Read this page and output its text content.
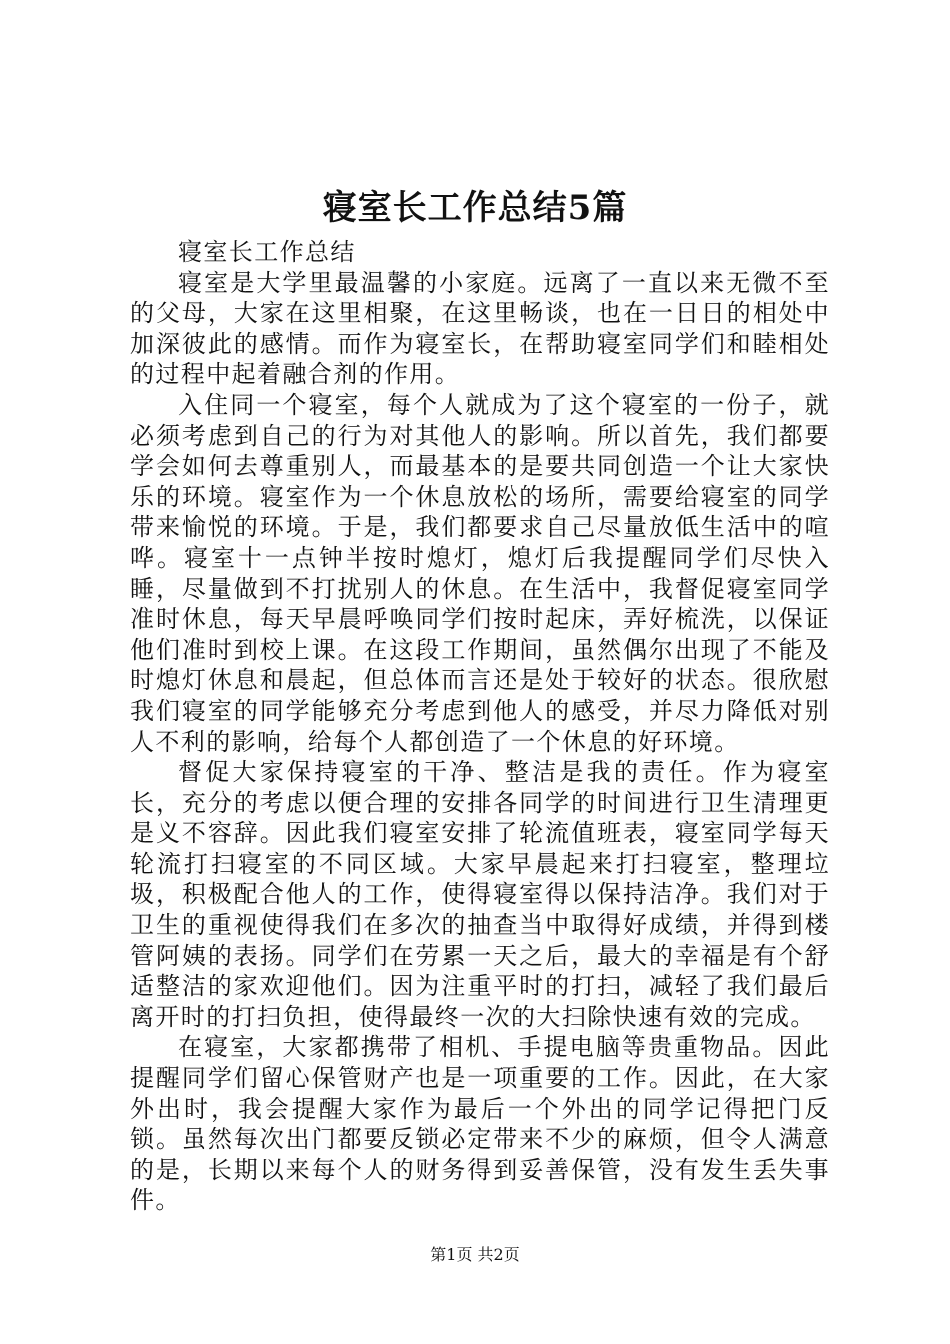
寝室长工作总结5篇

寝室长工作总结

寝室是大学里最温馨的小家庭。远离了一直以来无微不至的父母，大家在这里相聚，在这里畅谈，也在一日日的相处中加深彼此的感情。而作为寝室长，在帮助寝室同学们和睦相处的过程中起着融合剂的作用。

入住同一个寝室，每个人就成为了这个寝室的一份子，就必须考虑到自己的行为对其他人的影响。所以首先，我们都要学会如何去尊重别人，而最基本的是要共同创造一个让大家快乐的环境。寝室作为一个休息放松的场所，需要给寝室的同学带来愉悦的环境。于是，我们都要求自己尽量放低生活中的喧哗。寝室十一点钟半按时熄灯，熄灯后我提醒同学们尽快入睡，尽量做到不打扰别人的休息。在生活中，我督促寝室同学准时休息，每天早晨呼唤同学们按时起床，弄好梳洗，以保证他们准时到校上课。在这段工作期间，虽然偶尔出现了不能及时熄灯休息和晨起，但总体而言还是处于较好的状态。很欣慰我们寝室的同学能够充分考虑到他人的感受，并尽力降低对别人不利的影响，给每个人都创造了一个休息的好环境。

督促大家保持寝室的干净、整洁是我的责任。作为寝室长，充分的考虑以便合理的安排各同学的时间进行卫生清理更是义不容辞。因此我们寝室安排了轮流值班表，寝室同学每天轮流打扫寝室的不同区域。大家早晨起来打扫寝室，整理垃圾，积极配合他人的工作，使得寝室得以保持洁净。我们对于卫生的重视使得我们在多次的抽查当中取得好成绩，并得到楼管阿姨的表扬。同学们在劳累一天之后，最大的幸福是有个舒适整洁的家欢迎他们。因为注重平时的打扫，减轻了我们最后离开时的打扫负担，使得最终一次的大扫除快速有效的完成。

在寝室，大家都携带了相机、手提电脑等贵重物品。因此提醒同学们留心保管财产也是一项重要的工作。因此，在大家外出时，我会提醒大家作为最后一个外出的同学记得把门反锁。虽然每次出门都要反锁必定带来不少的麻烦，但令人满意的是，长期以来每个人的财务得到妥善保管，没有发生丢失事件。

第1页 共2页
